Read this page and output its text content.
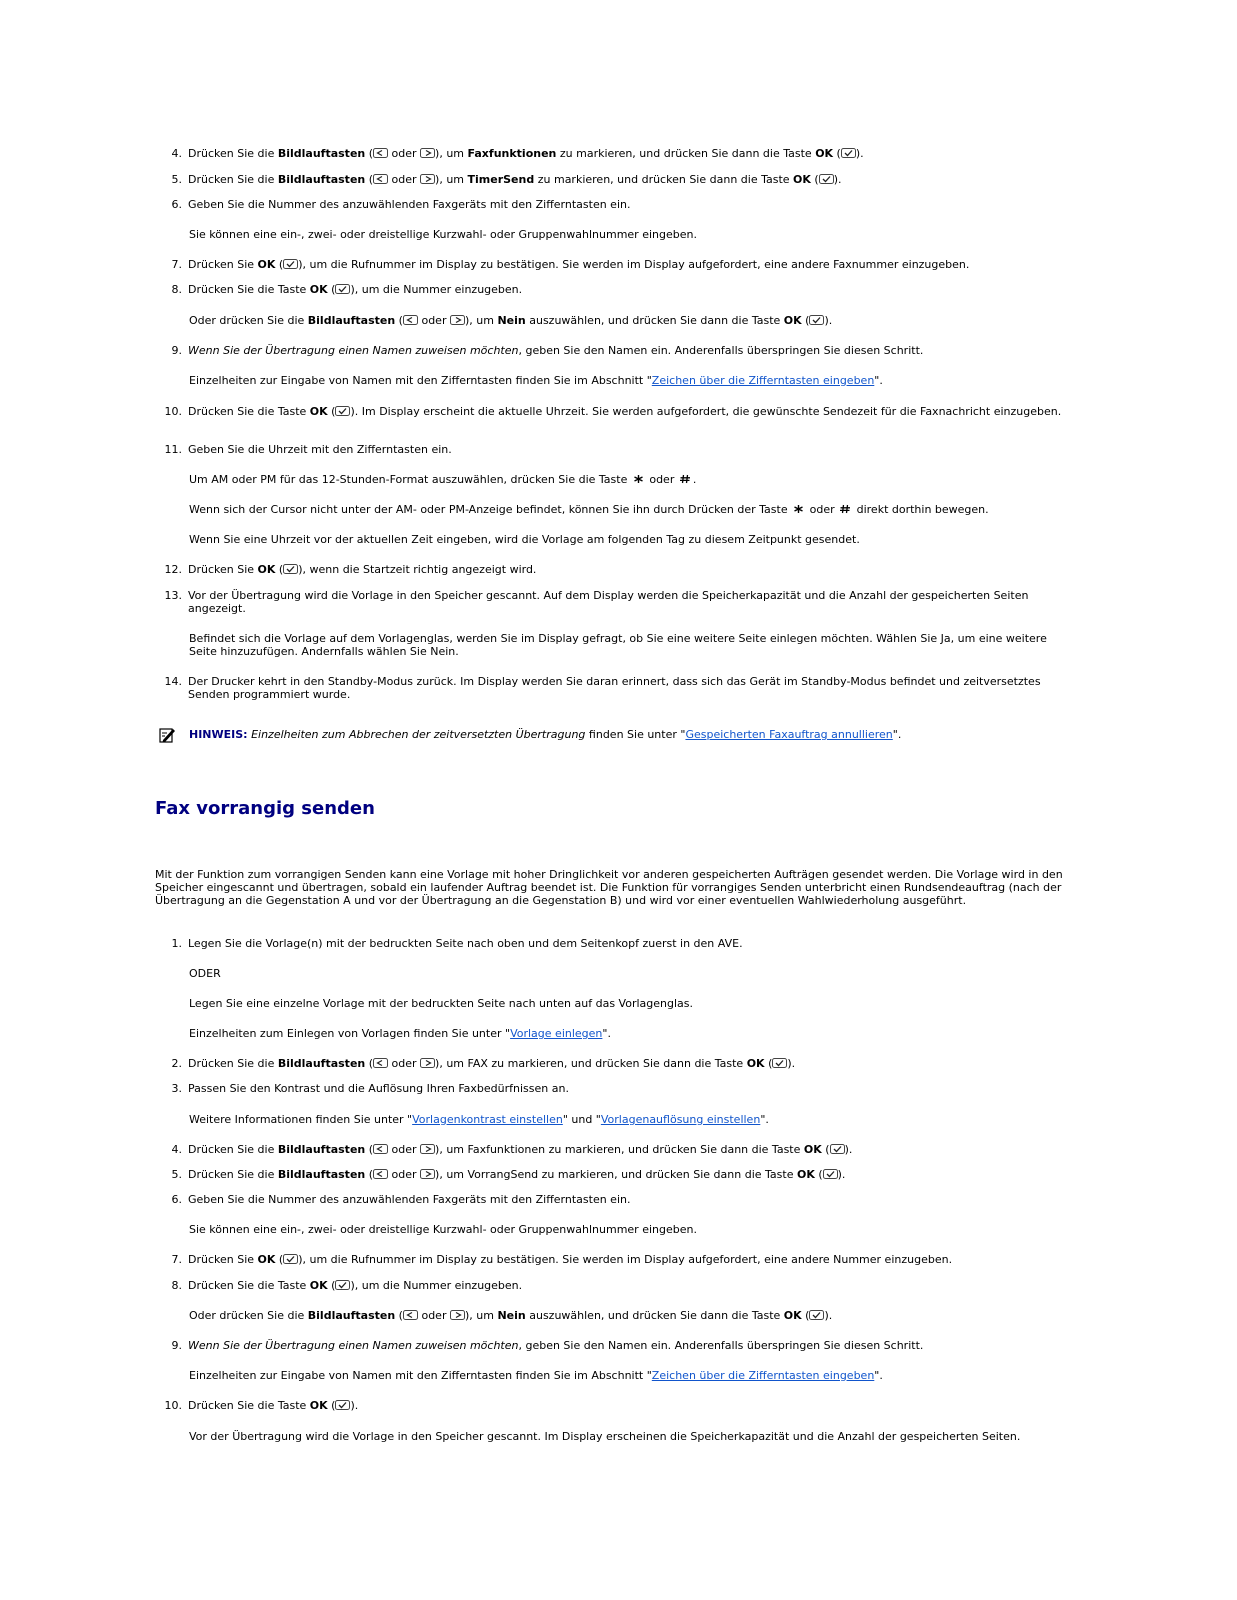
4. Drücken Sie die Bildlauftasten ( oder ), um Faxfunktionen zu markieren, und drücken Sie dann die Taste OK ( ).
5. Drücken Sie die Bildlauftasten ( oder ), um TimerSend zu markieren, und drücken Sie dann die Taste OK ( ).
6. Geben Sie die Nummer des anzuwählenden Faxgeräts mit den Zifferntasten ein.
Sie können eine ein-, zwei- oder dreistellige Kurzwahl- oder Gruppenwahlnummer eingeben.
7. Drücken Sie OK ( ), um die Rufnummer im Display zu bestätigen. Sie werden im Display aufgefordert, eine andere Faxnummer einzugeben.
8. Drücken Sie die Taste OK ( ), um die Nummer einzugeben.
Oder drücken Sie die Bildlauftasten ( oder ), um Nein auszuwählen, und drücken Sie dann die Taste OK ( ).
9. Wenn Sie der Übertragung einen Namen zuweisen möchten, geben Sie den Namen ein. Anderenfalls überspringen Sie diesen Schritt.
Einzelheiten zur Eingabe von Namen mit den Zifferntasten finden Sie im Abschnitt "Zeichen über die Zifferntasten eingeben".
10. Drücken Sie die Taste OK ( ). Im Display erscheint die aktuelle Uhrzeit. Sie werden aufgefordert, die gewünschte Sendezeit für die Faxnachricht einzugeben.
11. Geben Sie die Uhrzeit mit den Zifferntasten ein.
Um AM oder PM für das 12-Stunden-Format auszuwählen, drücken Sie die Taste  oder .
Wenn sich der Cursor nicht unter der AM- oder PM-Anzeige befindet, können Sie ihn durch Drücken der Taste  oder  direkt dorthin bewegen.
Wenn Sie eine Uhrzeit vor der aktuellen Zeit eingeben, wird die Vorlage am folgenden Tag zu diesem Zeitpunkt gesendet.
12. Drücken Sie OK ( ), wenn die Startzeit richtig angezeigt wird.
13. Vor der Übertragung wird die Vorlage in den Speicher gescannt. Auf dem Display werden die Speicherkapazität und die Anzahl der gespeicherten Seiten angezeigt.
Befindet sich die Vorlage auf dem Vorlagenglas, werden Sie im Display gefragt, ob Sie eine weitere Seite einlegen möchten. Wählen Sie Ja, um eine weitere Seite hinzuzufügen. Andernfalls wählen Sie Nein.
14. Der Drucker kehrt in den Standby-Modus zurück. Im Display werden Sie daran erinnert, dass sich das Gerät im Standby-Modus befindet und zeitversetztes Senden programmiert wurde.
HINWEIS: Einzelheiten zum Abbrechen der zeitversetzten Übertragung finden Sie unter "Gespeicherten Faxauftrag annullieren".
Fax vorrangig senden
Mit der Funktion zum vorrangigen Senden kann eine Vorlage mit hoher Dringlichkeit vor anderen gespeicherten Aufträgen gesendet werden. Die Vorlage wird in den Speicher eingescannt und übertragen, sobald ein laufender Auftrag beendet ist. Die Funktion für vorrangiges Senden unterbricht einen Rundsendeauftrag (nach der Übertragung an die Gegenstation A und vor der Übertragung an die Gegenstation B) und wird vor einer eventuellen Wahlwiederholung ausgeführt.
1. Legen Sie die Vorlage(n) mit der bedruckten Seite nach oben und dem Seitenkopf zuerst in den AVE.
ODER
Legen Sie eine einzelne Vorlage mit der bedruckten Seite nach unten auf das Vorlagenglas.
Einzelheiten zum Einlegen von Vorlagen finden Sie unter "Vorlage einlegen".
2. Drücken Sie die Bildlauftasten ( oder ), um FAX zu markieren, und drücken Sie dann die Taste OK ( ).
3. Passen Sie den Kontrast und die Auflösung Ihren Faxbedürfnissen an.
Weitere Informationen finden Sie unter "Vorlagenkontrast einstellen" und "Vorlagenauflösung einstellen".
4. Drücken Sie die Bildlauftasten ( oder ), um Faxfunktionen zu markieren, und drücken Sie dann die Taste OK ( ).
5. Drücken Sie die Bildlauftasten ( oder ), um VorrangSend zu markieren, und drücken Sie dann die Taste OK ( ).
6. Geben Sie die Nummer des anzuwählenden Faxgeräts mit den Zifferntasten ein.
Sie können eine ein-, zwei- oder dreistellige Kurzwahl- oder Gruppenwahlnummer eingeben.
7. Drücken Sie OK ( ), um die Rufnummer im Display zu bestätigen. Sie werden im Display aufgefordert, eine andere Nummer einzugeben.
8. Drücken Sie die Taste OK ( ), um die Nummer einzugeben.
Oder drücken Sie die Bildlauftasten ( oder ), um Nein auszuwählen, und drücken Sie dann die Taste OK ( ).
9. Wenn Sie der Übertragung einen Namen zuweisen möchten, geben Sie den Namen ein. Anderenfalls überspringen Sie diesen Schritt.
Einzelheiten zur Eingabe von Namen mit den Zifferntasten finden Sie im Abschnitt "Zeichen über die Zifferntasten eingeben".
10. Drücken Sie die Taste OK ( ).
Vor der Übertragung wird die Vorlage in den Speicher gescannt. Im Display erscheinen die Speicherkapazität und die Anzahl der gespeicherten Seiten.
